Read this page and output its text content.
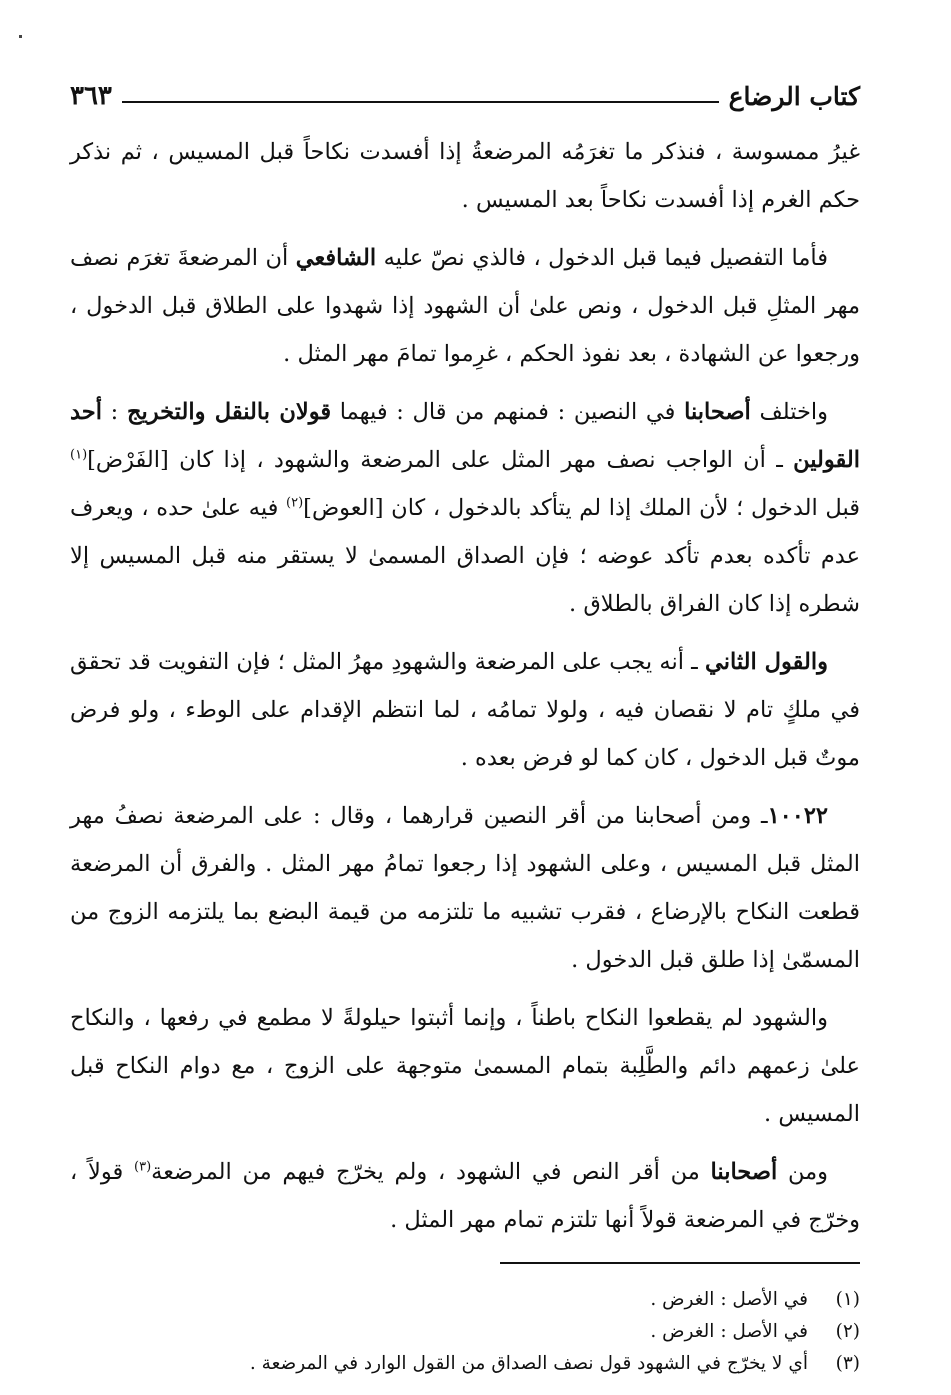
كتاب الرضاع
٣٦٣

غيرُ ممسوسة ، فنذكر ما تغرَمُه المرضعةُ إذا أفسدت نكاحاً قبل المسيس ، ثم نذكر حكم الغرم إذا أفسدت نكاحاً بعد المسيس .

فأما التفصيل فيما قبل الدخول ، فالذي نصّ عليه الشافعي أن المرضعةَ تغرَم نصف مهر المثلِ قبل الدخول ، ونص علىٰ أن الشهود إذا شهدوا على الطلاق قبل الدخول ، ورجعوا عن الشهادة ، بعد نفوذ الحكم ، غرِموا تمامَ مهر المثل .

واختلف أصحابنا في النصين : فمنهم من قال : فيهما قولان بالنقل والتخريج : أحد القولين ـ أن الواجب نصف مهر المثل على المرضعة والشهود ، إذا كان [الفَرْض]$^{(١)}$ قبل الدخول ؛ لأن الملك إذا لم يتأكد بالدخول ، كان [العوض]$^{(٢)}$ فيه علىٰ حده ، ويعرف عدم تأكده بعدم تأكد عوضه ؛ فإن الصداق المسمىٰ لا يستقر منه قبل المسيس إلا شطره إذا كان الفراق بالطلاق .

والقول الثاني ـ أنه يجب على المرضعة والشهودِ مهرُ المثل ؛ فإن التفويت قد تحقق في ملكٍ تام لا نقصان فيه ، ولولا تمامُه ، لما انتظم الإقدام على الوطء ، ولو فرض موتٌ قبل الدخول ، كان كما لو فرض بعده .

١٠٠٢٢ـ ومن أصحابنا من أقر النصين قرارهما ، وقال : على المرضعة نصفُ مهر المثل قبل المسيس ، وعلى الشهود إذا رجعوا تمامُ مهر المثل . والفرق أن المرضعة قطعت النكاح بالإرضاع ، فقرب تشبيه ما تلتزمه من قيمة البضع بما يلتزمه الزوج من المسمّىٰ إذا طلق قبل الدخول .

والشهود لم يقطعوا النكاح باطناً ، وإنما أثبتوا حيلولةً لا مطمع في رفعها ، والنكاح علىٰ زعمهم دائم والطَّلِبة بتمام المسمىٰ متوجهة على الزوج ، مع دوام النكاح قبل المسيس .

ومن أصحابنا من أقر النص في الشهود ، ولم يخرّج فيهم من المرضعة$^{(٣)}$ قولاً ، وخرّج في المرضعة قولاً أنها تلتزم تمام مهر المثل .

(١)
في الأصل : الغرض .
(٢)
في الأصل : الغرض .
(٣)
أي لا يخرّج في الشهود قول نصف الصداق من القول الوارد في المرضعة .
